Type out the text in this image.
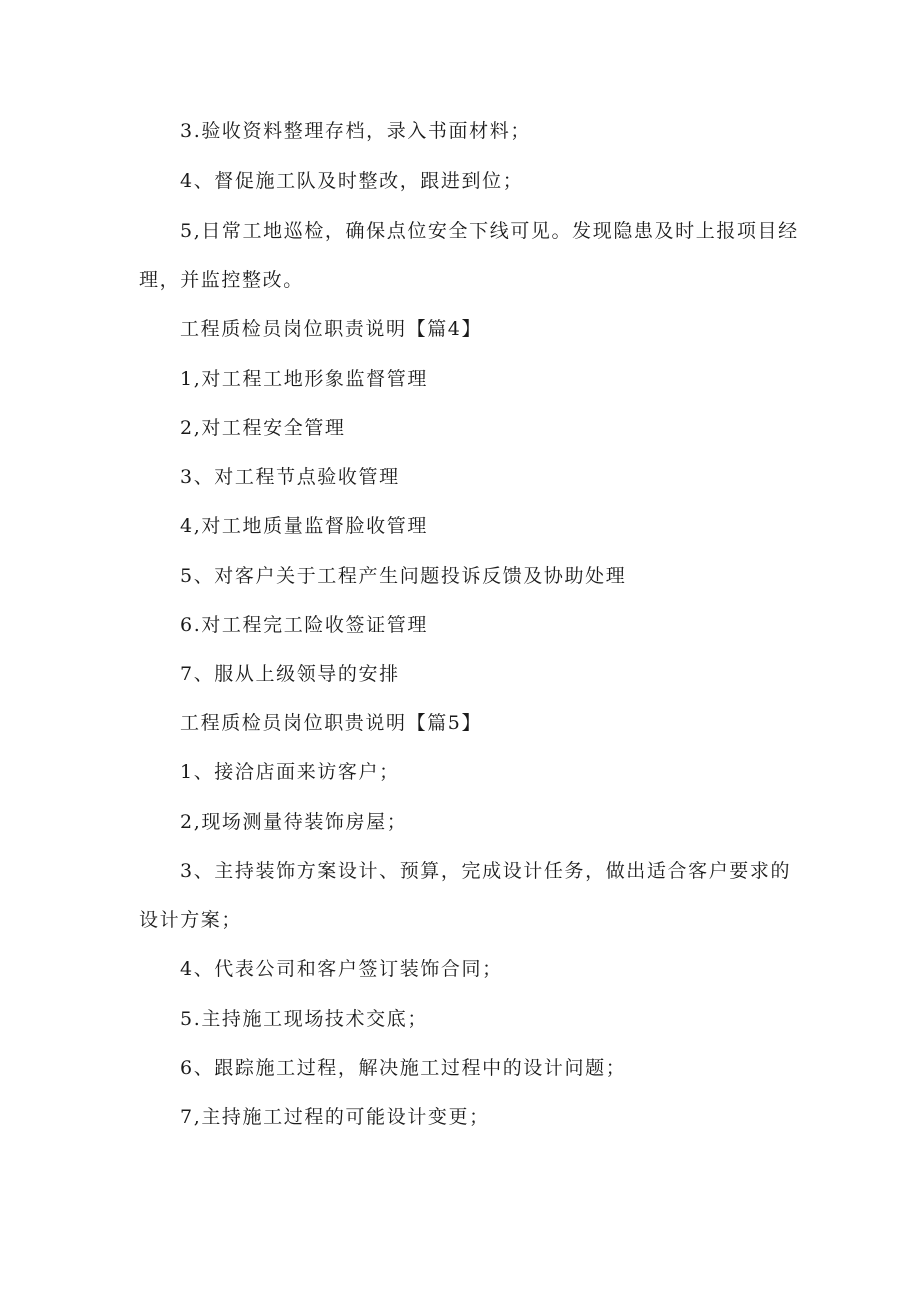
3.验收资料整理存档，录入书面材料；

4、督促施工队及时整改，跟进到位；

5,日常工地巡检，确保点位安全下线可见。发现隐患及时上报项目经

理，并监控整改。

工程质检员岗位职责说明【篇4】

1,对工程工地形象监督管理

2,对工程安全管理

3、对工程节点验收管理

4,对工地质量监督脸收管理

5、对客户关于工程产生问题投诉反馈及协助处理

6.对工程完工险收签证管理

7、服从上级领导的安排

工程质检员岗位职贵说明【篇5】

1、接洽店面来访客户；

2,现场测量待装饰房屋；

3、主持装饰方案设计、预算，完成设计任务，做出适合客户要求的

设计方案；

4、代表公司和客户签订装饰合同；

5.主持施工现场技术交底；

6、跟踪施工过程，解决施工过程中的设计问题；

7,主持施工过程的可能设计变更；
